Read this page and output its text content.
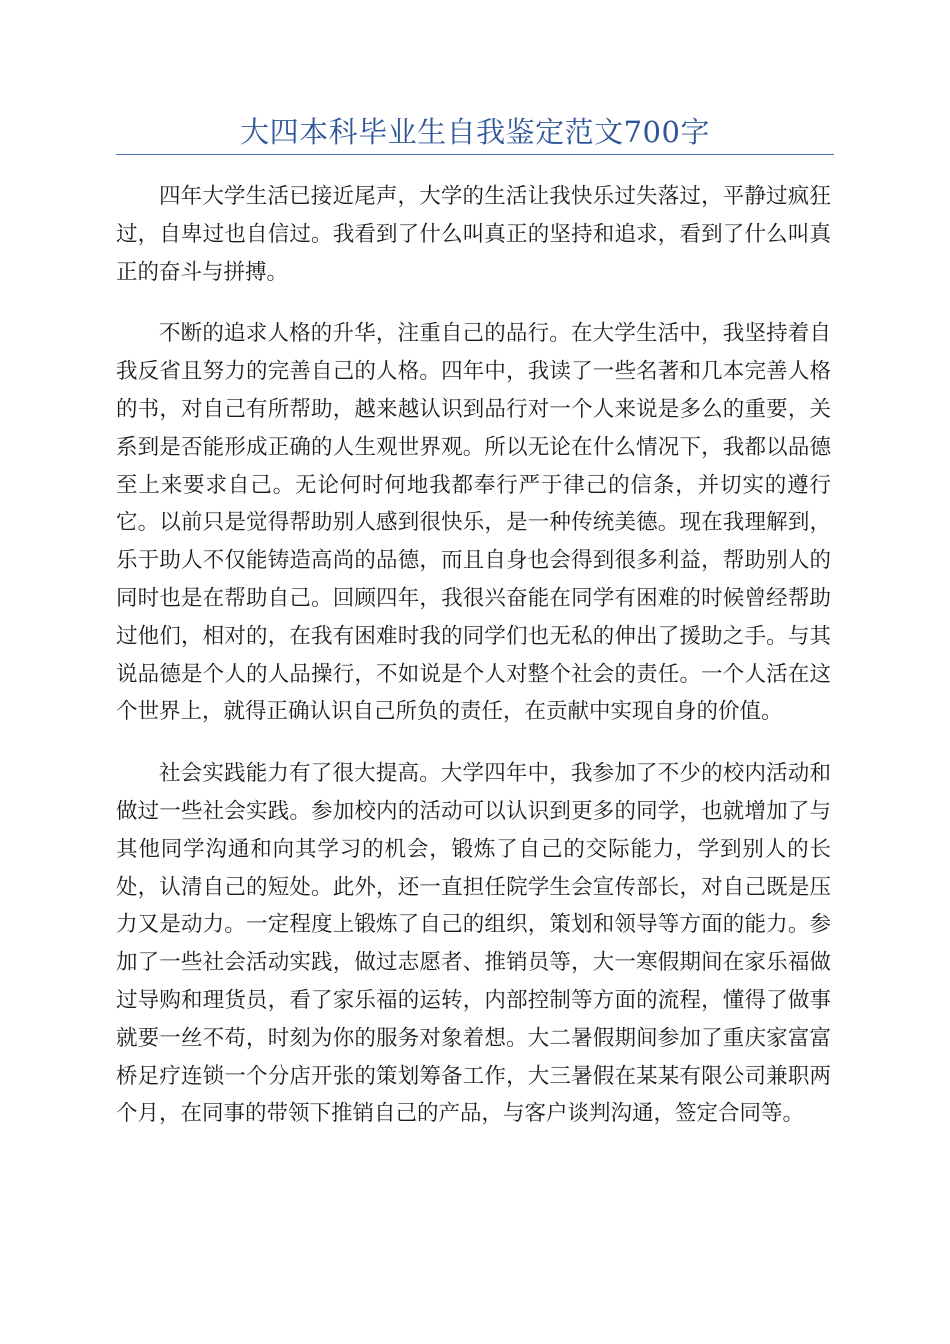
大四本科毕业生自我鉴定范文700字

四年大学生活已接近尾声，大学的生活让我快乐过失落过，平静过疯狂过，自卑过也自信过。我看到了什么叫真正的坚持和追求，看到了什么叫真正的奋斗与拼搏。

不断的追求人格的升华，注重自己的品行。在大学生活中，我坚持着自我反省且努力的完善自己的人格。四年中，我读了一些名著和几本完善人格的书，对自己有所帮助，越来越认识到品行对一个人来说是多么的重要，关系到是否能形成正确的人生观世界观。所以无论在什么情况下，我都以品德至上来要求自己。无论何时何地我都奉行严于律己的信条，并切实的遵行它。以前只是觉得帮助别人感到很快乐，是一种传统美德。现在我理解到，乐于助人不仅能铸造高尚的品德，而且自身也会得到很多利益，帮助别人的同时也是在帮助自己。回顾四年，我很兴奋能在同学有困难的时候曾经帮助过他们，相对的，在我有困难时我的同学们也无私的伸出了援助之手。与其说品德是个人的人品操行，不如说是个人对整个社会的责任。一个人活在这个世界上，就得正确认识自己所负的责任，在贡献中实现自身的价值。

社会实践能力有了很大提高。大学四年中，我参加了不少的校内活动和做过一些社会实践。参加校内的活动可以认识到更多的同学，也就增加了与其他同学沟通和向其学习的机会，锻炼了自己的交际能力，学到别人的长处，认清自己的短处。此外，还一直担任院学生会宣传部长，对自己既是压力又是动力。一定程度上锻炼了自己的组织，策划和领导等方面的能力。参加了一些社会活动实践，做过志愿者、推销员等，大一寒假期间在家乐福做过导购和理货员，看了家乐福的运转，内部控制等方面的流程，懂得了做事就要一丝不苟，时刻为你的服务对象着想。大二暑假期间参加了重庆家富富桥足疗连锁一个分店开张的策划筹备工作，大三暑假在某某有限公司兼职两个月，在同事的带领下推销自己的产品，与客户谈判沟通，签定合同等。
